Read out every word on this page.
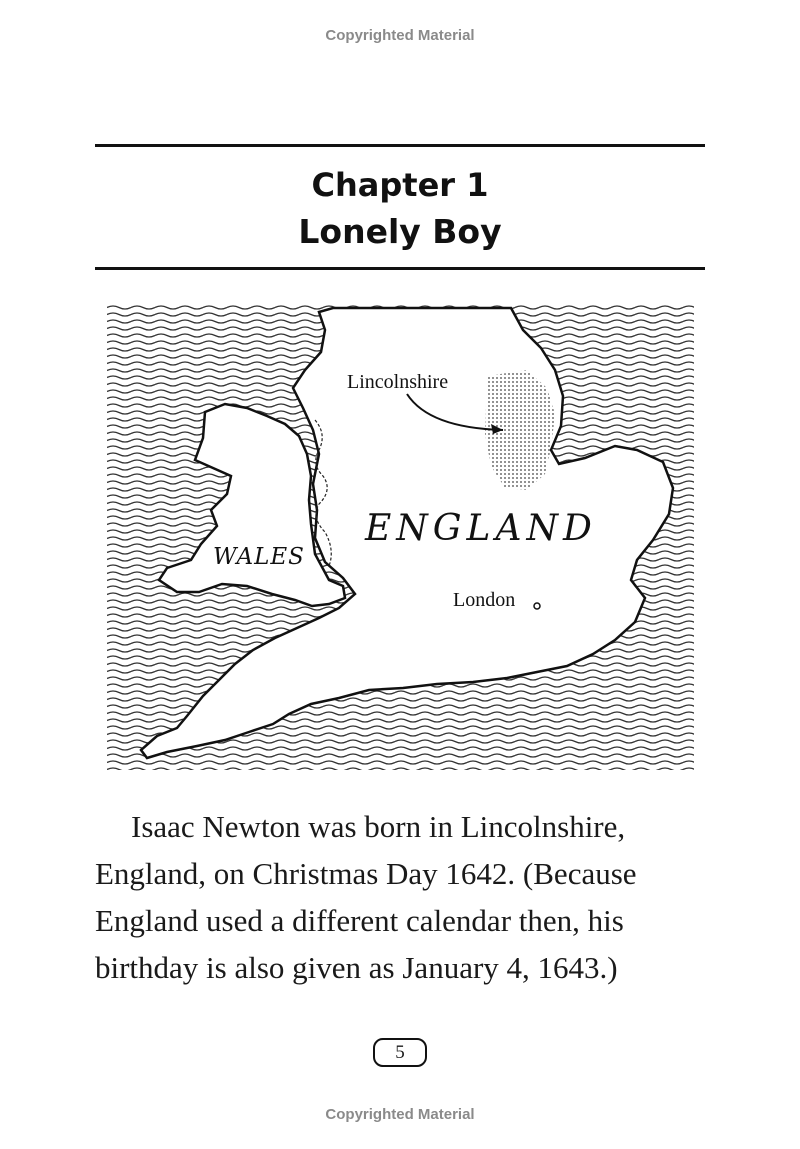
Copyrighted Material
Chapter 1
Lonely Boy
Lincolnshire
ENGLAND
WALES
London

Isaac Newton was born in Lincolnshire,

England, on Christmas Day 1642. (Because

England used a different calendar then, his

birthday is also given as January 4, 1643.)

5
Copyrighted Material
